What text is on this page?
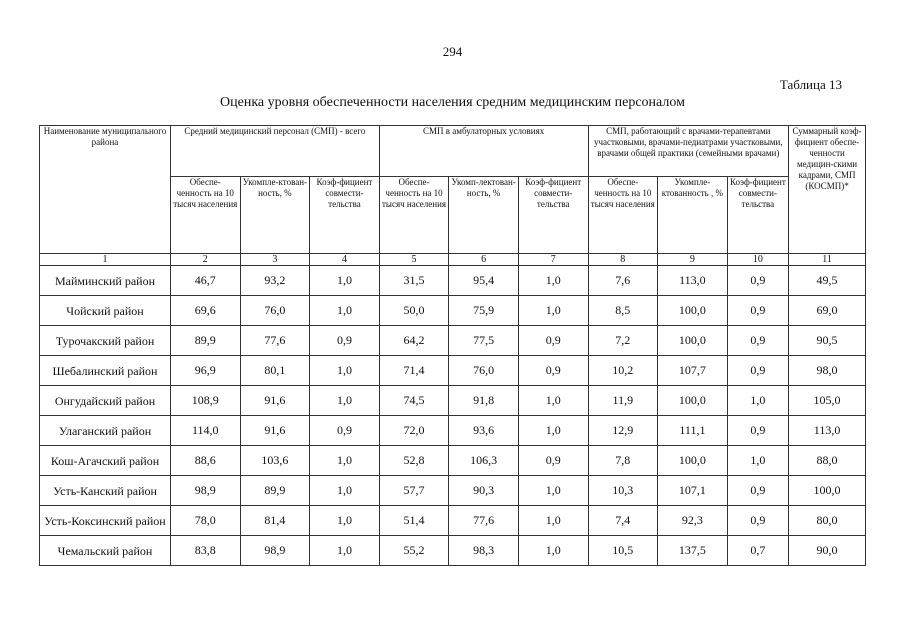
294
Таблица 13
Оценка уровня обеспеченности населения средним медицинским персоналом
Наименование муниципального района	Средний медицинский персонал (СМП) - всего			СМП в амбулаторных условиях			СМП, работающий с врачами-терапевтами участковыми, врачами-педиатрами участковыми, врачами общей практики (семейными врачами)			Суммарный коэф-фициент обеспе-ченности медицин-скими кадрами, СМП (КОСМП)*
	Обеспе-ченность на 10 тысяч населения	Укомпле-ктован-ность, %	Коэф-фициент совмести-тельства	Обеспе-ченность на 10 тысяч населения	Укомп-лектован-ность, %	Коэф-фициент совмести-тельства	Обеспе-ченность на 10 тысяч населения	Укомпле-ктованность , %	Коэф-фициент совмести-тельства	
1	2	3	4	5	6	7	8	9	10	11
Майминский район	46,7	93,2	1,0	31,5	95,4	1,0	7,6	113,0	0,9	49,5
Чойский район	69,6	76,0	1,0	50,0	75,9	1,0	8,5	100,0	0,9	69,0
Турочакский район	89,9	77,6	0,9	64,2	77,5	0,9	7,2	100,0	0,9	90,5
Шебалинский район	96,9	80,1	1,0	71,4	76,0	0,9	10,2	107,7	0,9	98,0
Онгудайский район	108,9	91,6	1,0	74,5	91,8	1,0	11,9	100,0	1,0	105,0
Улаганский район	114,0	91,6	0,9	72,0	93,6	1,0	12,9	111,1	0,9	113,0
Кош-Агачский район	88,6	103,6	1,0	52,8	106,3	0,9	7,8	100,0	1,0	88,0
Усть-Канский район	98,9	89,9	1,0	57,7	90,3	1,0	10,3	107,1	0,9	100,0
Усть-Коксинский район	78,0	81,4	1,0	51,4	77,6	1,0	7,4	92,3	0,9	80,0
Чемальский район	83,8	98,9	1,0	55,2	98,3	1,0	10,5	137,5	0,7	90,0
